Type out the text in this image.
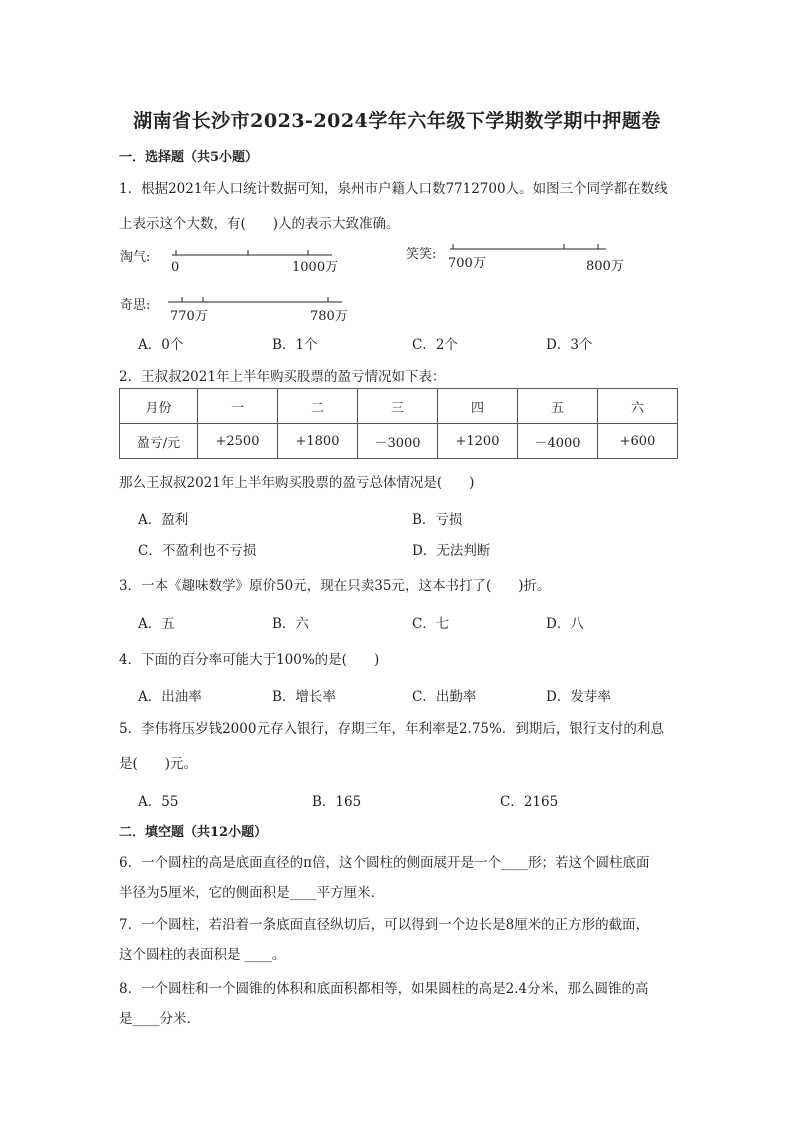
湖南省长沙市2023-2024学年六年级下学期数学期中押题卷
一．选择题（共5小题）
1．根据2021年人口统计数据可知，泉州市户籍人口数7712700人。如图三个同学都在数线
上表示这个大数，有(　　)人的表示大致准确。
淘气:
0	1000万
笑笑:
700万	800万
奇思:
770万	780万
A．0个	B．1个	C．2个	D．3个
2．王叔叔2021年上半年购买股票的盈亏情况如下表：
月份	一	二	三	四	五	六
盈亏/元	+2500	+1800	－3000	+1200	－4000	+600
那么王叔叔2021年上半年购买股票的盈亏总体情况是(　　)
A．盈利	B．亏损
C．不盈利也不亏损	D．无法判断
3．一本《趣味数学》原价50元，现在只卖35元，这本书打了(　　)折。
A．五	B．六	C．七	D．八
4．下面的百分率可能大于100%的是(　　)
A．出油率	B．增长率	C．出勤率	D．发芽率
5．李伟将压岁钱2000元存入银行，存期三年，年利率是2.75%．到期后，银行支付的利息
是(　　)元。
A．55	B．165	C．2165
二．填空题（共12小题）
6．一个圆柱的高是底面直径的π倍，这个圆柱的侧面展开是一个____形；若这个圆柱底面
半径为5厘米，它的侧面积是____平方厘米．
7．一个圆柱，若沿着一条底面直径纵切后，可以得到一个边长是8厘米的正方形的截面，
这个圆柱的表面积是 ____。
8．一个圆柱和一个圆锥的体积和底面积都相等，如果圆柱的高是2.4分米，那么圆锥的高
是____分米．
